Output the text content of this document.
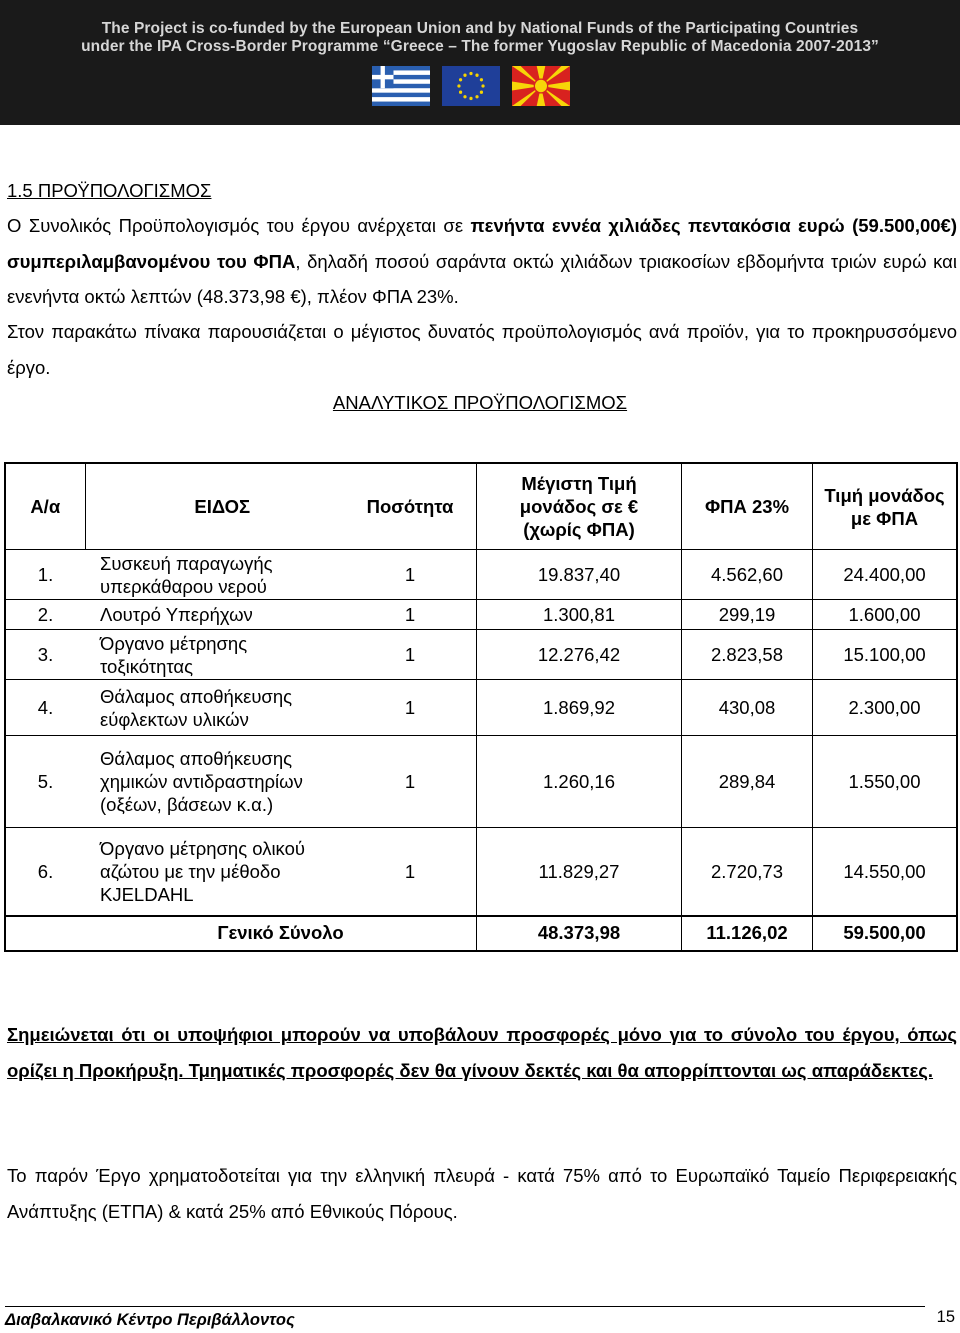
The Project is co-funded by the European Union and by National Funds of the Participating Countries
under the IPA Cross-Border Programme “Greece – The former Yugoslav Republic of Macedonia 2007-2013”
1.5 ΠΡΟΫΠΟΛΟΓΙΣΜΟΣ
Ο Συνολικός Προϋπολογισμός του έργου ανέρχεται σε πενήντα εννέα χιλιάδες πεντακόσια ευρώ (59.500,00€) συμπεριλαμβανομένου του ΦΠΑ, δηλαδή ποσού σαράντα οκτώ χιλιάδων τριακοσίων εβδομήντα τριών ευρώ και ενενήντα οκτώ λεπτών (48.373,98 €), πλέον ΦΠΑ 23%.
Στον παρακάτω πίνακα παρουσιάζεται ο μέγιστος δυνατός προϋπολογισμός ανά προϊόν, για το προκηρυσσόμενο έργο.
ΑΝΑΛΥΤΙΚΟΣ ΠΡΟΫΠΟΛΟΓΙΣΜΟΣ
Α/α	ΕΙΔΟΣ	Ποσότητα	Μέγιστη Τιμή
μονάδος σε €
(χωρίς ΦΠΑ)	ΦΠΑ 23%	Τιμή μονάδος
με ΦΠΑ
1.	Συσκευή παραγωγής υπερκάθαρου νερού	1	19.837,40	4.562,60	24.400,00
2.	Λουτρό Υπερήχων	1	1.300,81	299,19	1.600,00
3.	Όργανο μέτρησης τοξικότητας	1	12.276,42	2.823,58	15.100,00
4.	Θάλαμος αποθήκευσης εύφλεκτων υλικών	1	1.869,92	430,08	2.300,00
5.	Θάλαμος αποθήκευσης χημικών αντιδραστηρίων (οξέων, βάσεων κ.α.)	1	1.260,16	289,84	1.550,00
6.	Όργανο μέτρησης ολικού αζώτου με την μέθοδο KJELDAHL	1	11.829,27	2.720,73	14.550,00
	Γενικό Σύνολο		48.373,98	11.126,02	59.500,00
Σημειώνεται ότι οι υποψήφιοι μπορούν να υποβάλουν προσφορές μόνο για το σύνολο του έργου, όπως ορίζει η Προκήρυξη. Τμηματικές προσφορές δεν θα γίνουν δεκτές και θα απορρίπτονται ως απαράδεκτες.
Το παρόν Έργο χρηματοδοτείται για την ελληνική πλευρά - κατά 75% από το Ευρωπαϊκό Ταμείο Περιφερειακής Ανάπτυξης (ΕΤΠΑ) & κατά 25% από Εθνικούς Πόρους.
Διαβαλκανικό Κέντρο Περιβάλλοντος	15
